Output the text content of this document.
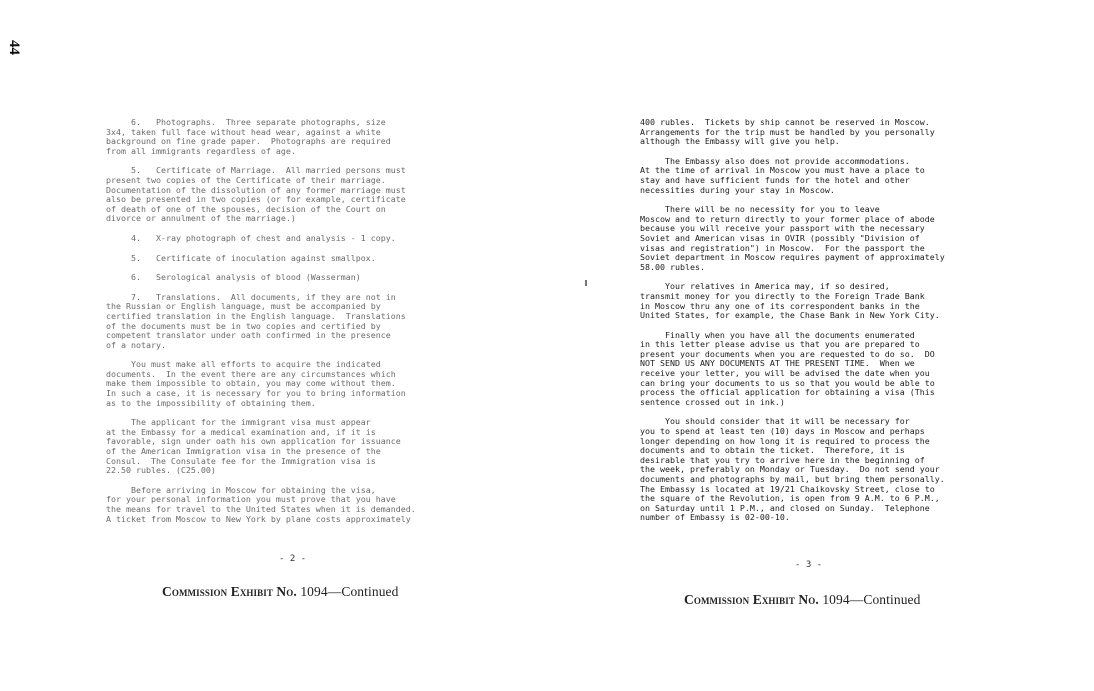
44

6.   Photographs.  Three separate photographs, size
3x4, taken full face without head wear, against a white
background on fine grade paper.  Photographs are required
from all immigrants regardless of age.

5.   Certificate of Marriage.  All married persons must
present two copies of the Certificate of their marriage.
Documentation of the dissolution of any former marriage must
also be presented in two copies (or for example, certificate
of death of one of the spouses, decision of the Court on
divorce or annulment of the marriage.)

4.   X-ray photograph of chest and analysis - 1 copy.

5.   Certificate of inoculation against smallpox.

6.   Serological analysis of blood (Wasserman)

7.   Translations.  All documents, if they are not in
the Russian or English language, must be accompanied by
certified translation in the English language.  Translations
of the documents must be in two copies and certified by
competent translator under oath confirmed in the presence
of a notary.

You must make all efforts to acquire the indicated
documents.  In the event there are any circumstances which
make them impossible to obtain, you may come without them.
In such a case, it is necessary for you to bring information
as to the impossibility of obtaining them.

The applicant for the immigrant visa must appear
at the Embassy for a medical examination and, if it is
favorable, sign under oath his own application for issuance
of the American Immigration visa in the presence of the
Consul.  The Consulate fee for the Immigration visa is
22.50 rubles. (C25.00)

Before arriving in Moscow for obtaining the visa,
for your personal information you must prove that you have
the means for travel to the United States when it is demanded.
A ticket from Moscow to New York by plane costs approximately

- 2 -
Commission Exhibit No. 1094—Continued

400 rubles.  Tickets by ship cannot be reserved in Moscow.
Arrangements for the trip must be handled by you personally
although the Embassy will give you help.

The Embassy also does not provide accommodations.
At the time of arrival in Moscow you must have a place to
stay and have sufficient funds for the hotel and other
necessities during your stay in Moscow.

There will be no necessity for you to leave
Moscow and to return directly to your former place of abode
because you will receive your passport with the necessary
Soviet and American visas in OVIR (possibly "Division of
visas and registration") in Moscow.  For the passport the
Soviet department in Moscow requires payment of approximately
58.00 rubles.

Your relatives in America may, if so desired,
transmit money for you directly to the Foreign Trade Bank
in Moscow thru any one of its correspondent banks in the
United States, for example, the Chase Bank in New York City.

Finally when you have all the documents enumerated
in this letter please advise us that you are prepared to
present your documents when you are requested to do so.  DO
NOT SEND US ANY DOCUMENTS AT THE PRESENT TIME.  When we
receive your letter, you will be advised the date when you
can bring your documents to us so that you would be able to
process the official application for obtaining a visa (This
sentence crossed out in ink.)

You should consider that it will be necessary for
you to spend at least ten (10) days in Moscow and perhaps
longer depending on how long it is required to process the
documents and to obtain the ticket.  Therefore, it is
desirable that you try to arrive here in the beginning of
the week, preferably on Monday or Tuesday.  Do not send your
documents and photographs by mail, but bring them personally.
The Embassy is located at 19/21 Chaikovsky Street, close to
the square of the Revolution, is open from 9 A.M. to 6 P.M.,
on Saturday until 1 P.M., and closed on Sunday.  Telephone
number of Embassy is 02-00-10.

- 3 -
Commission Exhibit No. 1094—Continued
